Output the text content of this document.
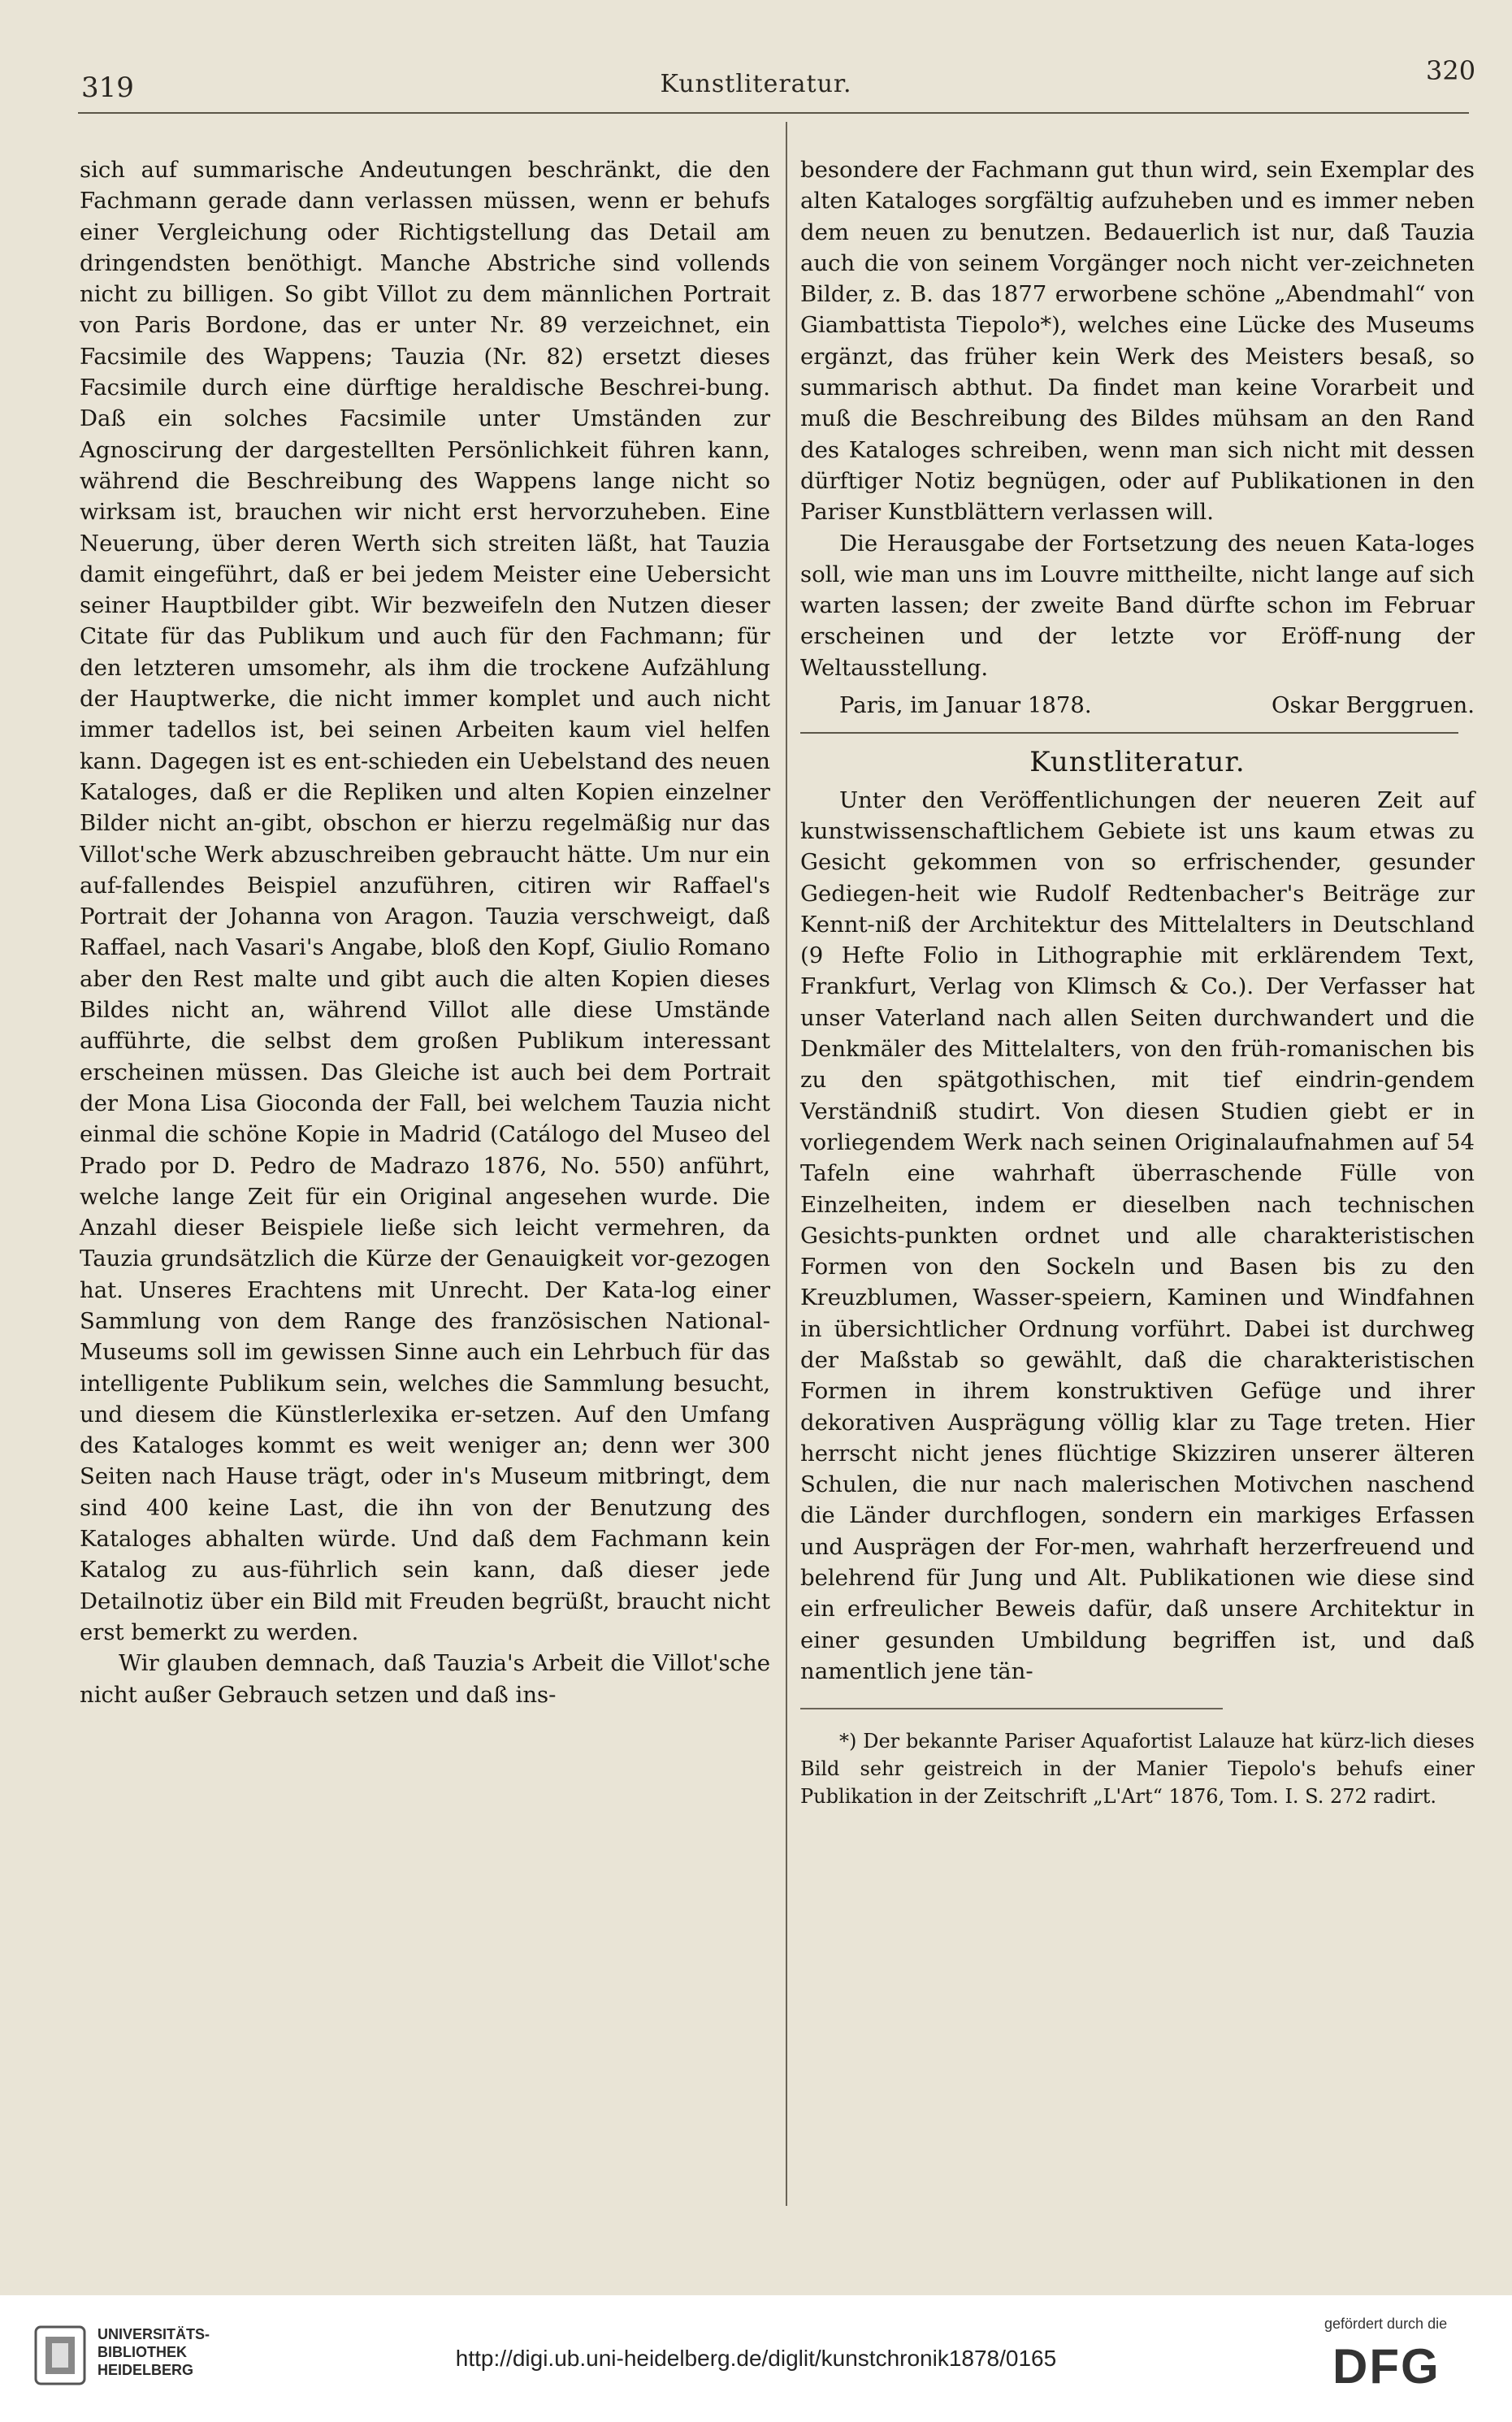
319	Kunstliteratur.	320

sich auf summarische Andeutungen beschränkt, die den Fachmann gerade dann verlassen müssen, wenn er behufs einer Vergleichung oder Richtigstellung das Detail am dringendsten benöthigt. Manche Abstriche sind vollends nicht zu billigen. So gibt Villot zu dem männlichen Portrait von Paris Bordone, das er unter Nr. 89 verzeichnet, ein Facsimile des Wappens; Tauzia (Nr. 82) ersetzt dieses Facsimile durch eine dürftige heraldische Beschrei-bung. Daß ein solches Facsimile unter Umständen zur Agnoscirung der dargestellten Persönlichkeit führen kann, während die Beschreibung des Wappens lange nicht so wirksam ist, brauchen wir nicht erst hervorzuheben. Eine Neuerung, über deren Werth sich streiten läßt, hat Tauzia damit eingeführt, daß er bei jedem Meister eine Uebersicht seiner Hauptbilder gibt. Wir bezweifeln den Nutzen dieser Citate für das Publikum und auch für den Fachmann; für den letzteren umsomehr, als ihm die trockene Aufzählung der Hauptwerke, die nicht immer komplet und auch nicht immer tadellos ist, bei seinen Arbeiten kaum viel helfen kann. Dagegen ist es ent-schieden ein Uebelstand des neuen Kataloges, daß er die Repliken und alten Kopien einzelner Bilder nicht an-gibt, obschon er hierzu regelmäßig nur das Villot'sche Werk abzuschreiben gebraucht hätte. Um nur ein auf-fallendes Beispiel anzuführen, citiren wir Raffael's Portrait der Johanna von Aragon. Tauzia verschweigt, daß Raffael, nach Vasari's Angabe, bloß den Kopf, Giulio Romano aber den Rest malte und gibt auch die alten Kopien dieses Bildes nicht an, während Villot alle diese Umstände aufführte, die selbst dem großen Publikum interessant erscheinen müssen. Das Gleiche ist auch bei dem Portrait der Mona Lisa Gioconda der Fall, bei welchem Tauzia nicht einmal die schöne Kopie in Madrid (Catálogo del Museo del Prado por D. Pedro de Madrazo 1876, No. 550) anführt, welche lange Zeit für ein Original angesehen wurde. Die Anzahl dieser Beispiele ließe sich leicht vermehren, da Tauzia grundsätzlich die Kürze der Genauigkeit vor-gezogen hat. Unseres Erachtens mit Unrecht. Der Kata-log einer Sammlung von dem Range des französischen National-Museums soll im gewissen Sinne auch ein Lehrbuch für das intelligente Publikum sein, welches die Sammlung besucht, und diesem die Künstlerlexika er-setzen. Auf den Umfang des Kataloges kommt es weit weniger an; denn wer 300 Seiten nach Hause trägt, oder in's Museum mitbringt, dem sind 400 keine Last, die ihn von der Benutzung des Kataloges abhalten würde. Und daß dem Fachmann kein Katalog zu aus-führlich sein kann, daß dieser jede Detailnotiz über ein Bild mit Freuden begrüßt, braucht nicht erst bemerkt zu werden.

Wir glauben demnach, daß Tauzia's Arbeit die Villot'sche nicht außer Gebrauch setzen und daß ins-

besondere der Fachmann gut thun wird, sein Exemplar des alten Kataloges sorgfältig aufzuheben und es immer neben dem neuen zu benutzen. Bedauerlich ist nur, daß Tauzia auch die von seinem Vorgänger noch nicht ver-zeichneten Bilder, z. B. das 1877 erworbene schöne „Abendmahl“ von Giambattista Tiepolo*), welches eine Lücke des Museums ergänzt, das früher kein Werk des Meisters besaß, so summarisch abthut. Da findet man keine Vorarbeit und muß die Beschreibung des Bildes mühsam an den Rand des Kataloges schreiben, wenn man sich nicht mit dessen dürftiger Notiz begnügen, oder auf Publikationen in den Pariser Kunstblättern verlassen will.

Die Herausgabe der Fortsetzung des neuen Kata-loges soll, wie man uns im Louvre mittheilte, nicht lange auf sich warten lassen; der zweite Band dürfte schon im Februar erscheinen und der letzte vor Eröff-nung der Weltausstellung.

Paris, im Januar 1878.	Oskar Berggruen.
Kunstliteratur.

Unter den Veröffentlichungen der neueren Zeit auf kunstwissenschaftlichem Gebiete ist uns kaum etwas zu Gesicht gekommen von so erfrischender, gesunder Gediegen-heit wie Rudolf Redtenbacher's Beiträge zur Kennt-niß der Architektur des Mittelalters in Deutschland (9 Hefte Folio in Lithographie mit erklärendem Text, Frankfurt, Verlag von Klimsch & Co.). Der Verfasser hat unser Vaterland nach allen Seiten durchwandert und die Denkmäler des Mittelalters, von den früh-romanischen bis zu den spätgothischen, mit tief eindrin-gendem Verständniß studirt. Von diesen Studien giebt er in vorliegendem Werk nach seinen Originalaufnahmen auf 54 Tafeln eine wahrhaft überraschende Fülle von Einzelheiten, indem er dieselben nach technischen Gesichts-punkten ordnet und alle charakteristischen Formen von den Sockeln und Basen bis zu den Kreuzblumen, Wasser-speiern, Kaminen und Windfahnen in übersichtlicher Ordnung vorführt. Dabei ist durchweg der Maßstab so gewählt, daß die charakteristischen Formen in ihrem konstruktiven Gefüge und ihrer dekorativen Ausprägung völlig klar zu Tage treten. Hier herrscht nicht jenes flüchtige Skizziren unserer älteren Schulen, die nur nach malerischen Motivchen naschend die Länder durchflogen, sondern ein markiges Erfassen und Ausprägen der For-men, wahrhaft herzerfreuend und belehrend für Jung und Alt. Publikationen wie diese sind ein erfreulicher Beweis dafür, daß unsere Architektur in einer gesunden Umbildung begriffen ist, und daß namentlich jene tän-

*) Der bekannte Pariser Aquafortist Lalauze hat kürz-lich dieses Bild sehr geistreich in der Manier Tiepolo's behufs einer Publikation in der Zeitschrift „L'Art“ 1876, Tom. I. S. 272 radirt.

UNIVERSITÄTS-
BIBLIOTHEK
HEIDELBERG	http://digi.ub.uni-heidelberg.de/diglit/kunstchronik1878/0165
gefördert durch die
DFG
